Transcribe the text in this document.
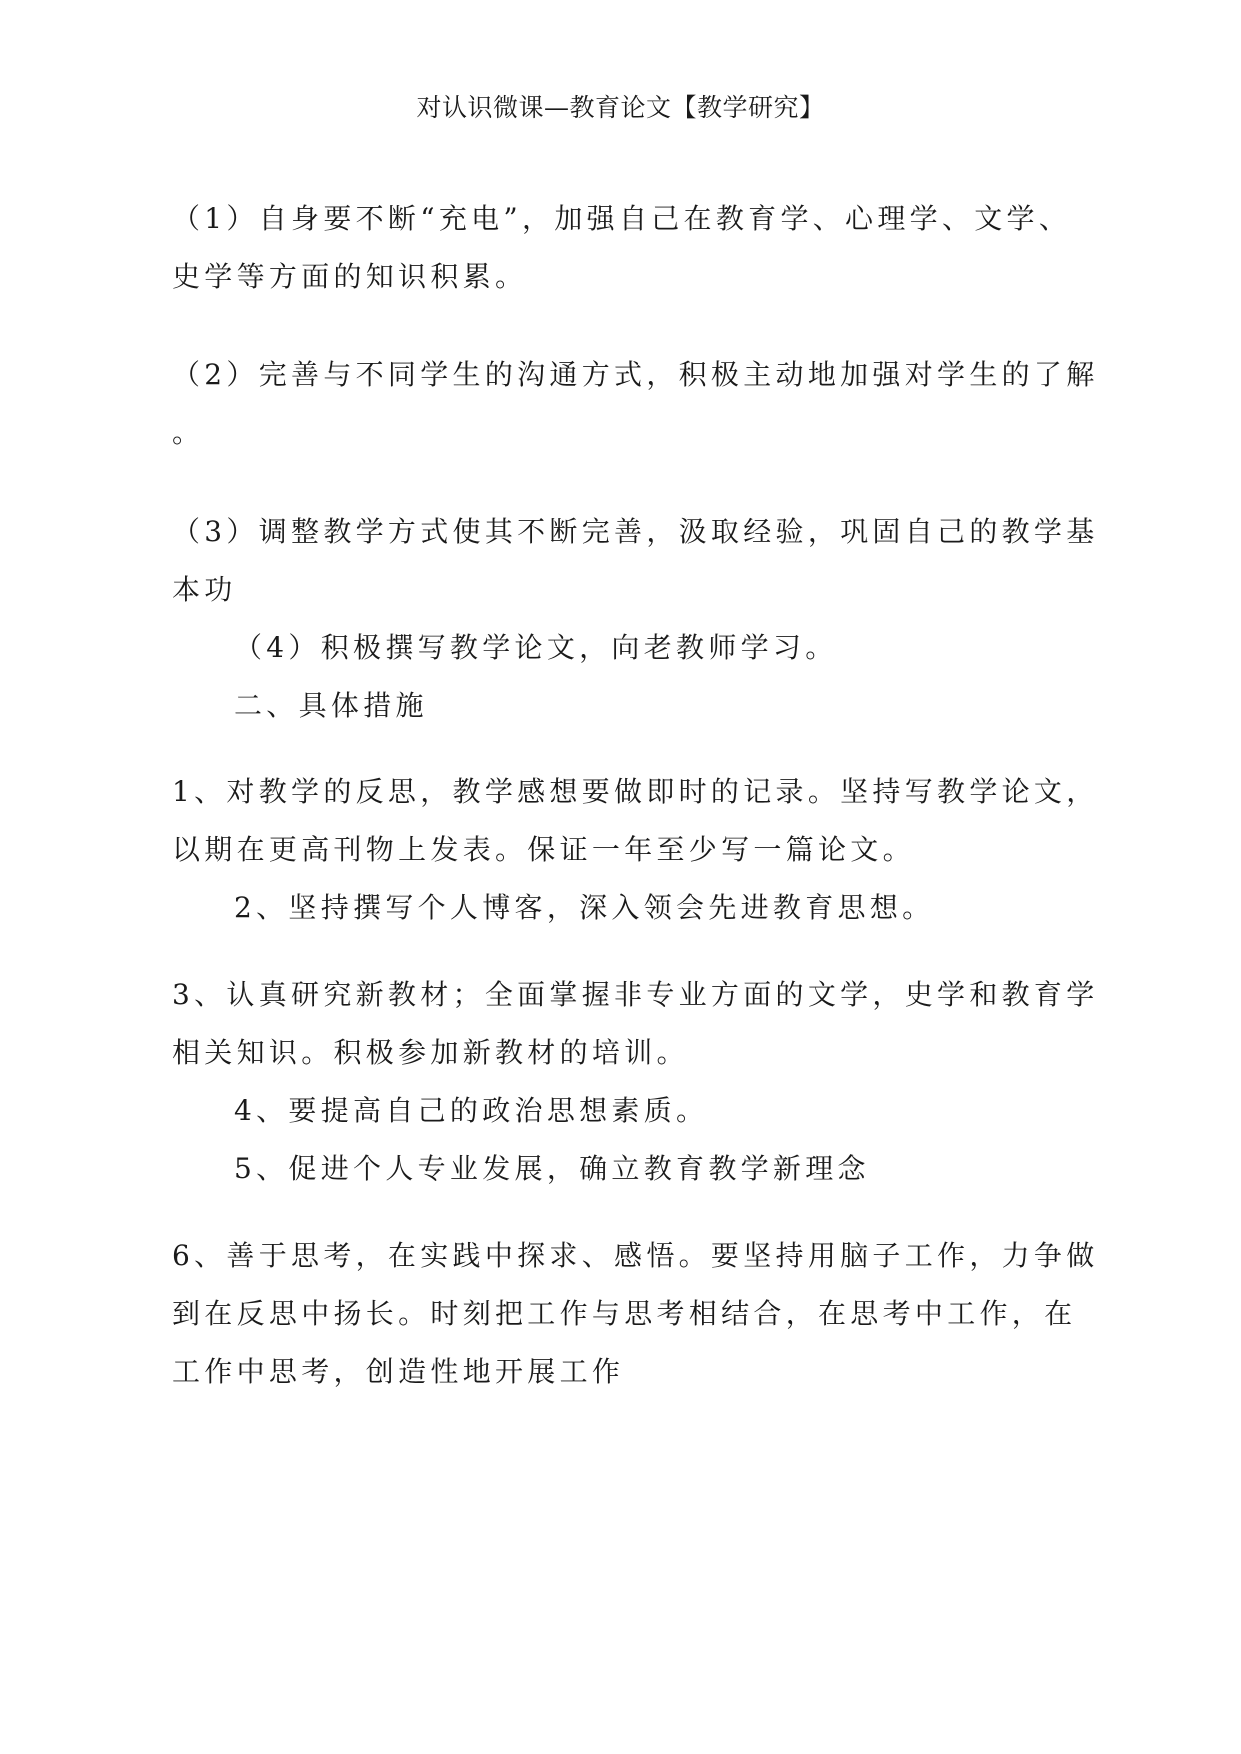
对认识微课—教育论文【教学研究】
（1）自身要不断“充电”，加强自己在教育学、心理学、文学、
史学等方面的知识积累。
（2）完善与不同学生的沟通方式，积极主动地加强对学生的了解
。
（3）调整教学方式使其不断完善，汲取经验，巩固自己的教学基
本功
（4）积极撰写教学论文，向老教师学习。
二、具体措施
1、对教学的反思，教学感想要做即时的记录。坚持写教学论文，
以期在更高刊物上发表。保证一年至少写一篇论文。
2、坚持撰写个人博客，深入领会先进教育思想。
3、认真研究新教材；全面掌握非专业方面的文学，史学和教育学
相关知识。积极参加新教材的培训。
4、要提高自己的政治思想素质。
5、促进个人专业发展，确立教育教学新理念
6、善于思考，在实践中探求、感悟。要坚持用脑子工作，力争做
到在反思中扬长。时刻把工作与思考相结合，在思考中工作，在
工作中思考，创造性地开展工作
